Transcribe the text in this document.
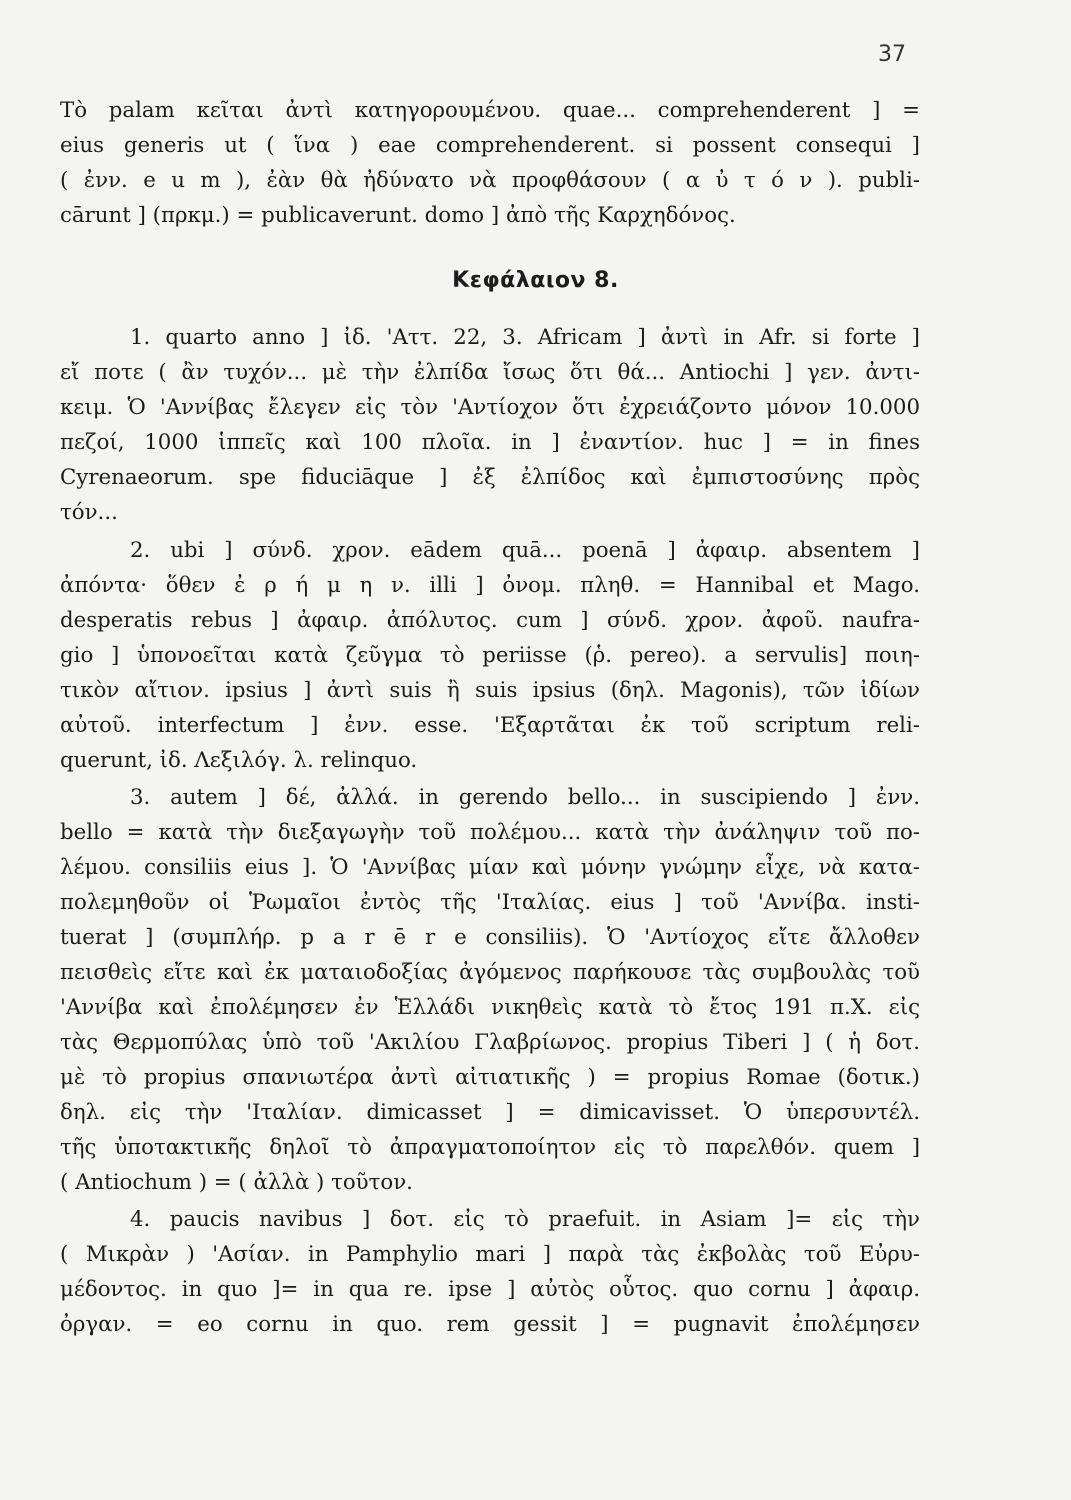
37
Τὸ palam κεῖται ἀντὶ κατηγορουμένου. quae... comprehenderent ] =
eius generis ut ( ἵνα ) eae comprehenderent. si possent consequi ]
( ἐνν. e u m ), ἐὰν θὰ ἠδύνατο νὰ προφθάσουν ( α ὐ τ ό ν ). publi-
cārunt ] (πρκμ.) = publicaverunt. domo ] ἀπὸ τῆς Καρχηδόνος.
Κεφάλαιον 8.
1. quarto anno ] ἰδ. 'Αττ. 22, 3. Africam ] ἀντὶ in Afr. si forte ]
εἴ ποτε ( ἂν τυχόν... μὲ τὴν ἐλπίδα ἴσως ὅτι θά... Antiochi ] γεν. ἀντι-
κειμ. Ὁ 'Αννίβας ἔλεγεν εἰς τὸν 'Αντίοχον ὅτι ἐχρειάζοντο μόνον 10.000
πεζοί, 1000 ἱππεῖς καὶ 100 πλοῖα. in ] ἐναντίον. huc ] = in fines
Cyrenaeorum. spe fiduciāque ] ἐξ ἐλπίδος καὶ ἐμπιστοσύνης πρὸς
τόν...
2. ubi ] σύνδ. χρον. eādem quā... poenā ] ἀφαιρ. absentem ]
ἀπόντα· ὅθεν ἐ ρ ή μ η ν. illi ] ὀνομ. πληθ. = Hannibal et Mago.
desperatis rebus ] ἀφαιρ. ἀπόλυτος. cum ] σύνδ. χρον. ἀφοῦ. naufra-
gio ] ὑπονοεῖται κατὰ ζεῦγμα τὸ periisse (ῥ. pereo). a servulis] ποιη-
τικὸν αἴτιον. ipsius ] ἀντὶ suis ἢ suis ipsius (δηλ. Magonis), τῶν ἰδίων
αὐτοῦ. interfectum ] ἐνν. esse. 'Εξαρτᾶται ἐκ τοῦ scriptum reli-
querunt, ἰδ. Λεξιλόγ. λ. relinquo.
3. autem ] δέ, ἀλλά. in gerendo bello... in suscipiendo ] ἐνν.
bello = κατὰ τὴν διεξαγωγὴν τοῦ πολέμου... κατὰ τὴν ἀνάληψιν τοῦ πο-
λέμου. consiliis eius ]. Ὁ 'Αννίβας μίαν καὶ μόνην γνώμην εἶχε, νὰ κατα-
πολεμηθοῦν οἱ Ῥωμαῖοι ἐντὸς τῆς 'Ιταλίας. eius ] τοῦ 'Αννίβα. insti-
tuerat ] (συμπλήρ. p a r ē r e consiliis). Ὁ 'Αντίοχος εἴτε ἄλλοθεν
πεισθεὶς εἴτε καὶ ἐκ ματαιοδοξίας ἀγόμενος παρήκουσε τὰς συμβουλὰς τοῦ
'Αννίβα καὶ ἐπολέμησεν ἐν Ἑλλάδι νικηθεὶς κατὰ τὸ ἔτος 191 π.Χ. εἰς
τὰς Θερμοπύλας ὑπὸ τοῦ 'Ακιλίου Γλαβρίωνος. propius Tiberi ] ( ἡ δοτ.
μὲ τὸ propius σπανιωτέρα ἀντὶ αἰτιατικῆς ) = propius Romae (δοτικ.)
δηλ. εἰς τὴν 'Ιταλίαν. dimicasset ] = dimicavisset. Ὁ ὑπερσυντέλ.
τῆς ὑποτακτικῆς δηλοῖ τὸ ἀπραγματοποίητον εἰς τὸ παρελθόν. quem ]
( Antiochum ) = ( ἀλλὰ ) τοῦτον.
4. paucis navibus ] δοτ. εἰς τὸ praefuit. in Asiam ]= εἰς τὴν
( Μικρὰν ) 'Ασίαν. in Pamphylio mari ] παρὰ τὰς ἐκβολὰς τοῦ Εὐρυ-
μέδοντος. in quo ]= in qua re. ipse ] αὐτὸς οὗτος. quo cornu ] ἀφαιρ.
ὀργαν. = eo cornu in quo. rem gessit ] = pugnavit ἐπολέμησεν
